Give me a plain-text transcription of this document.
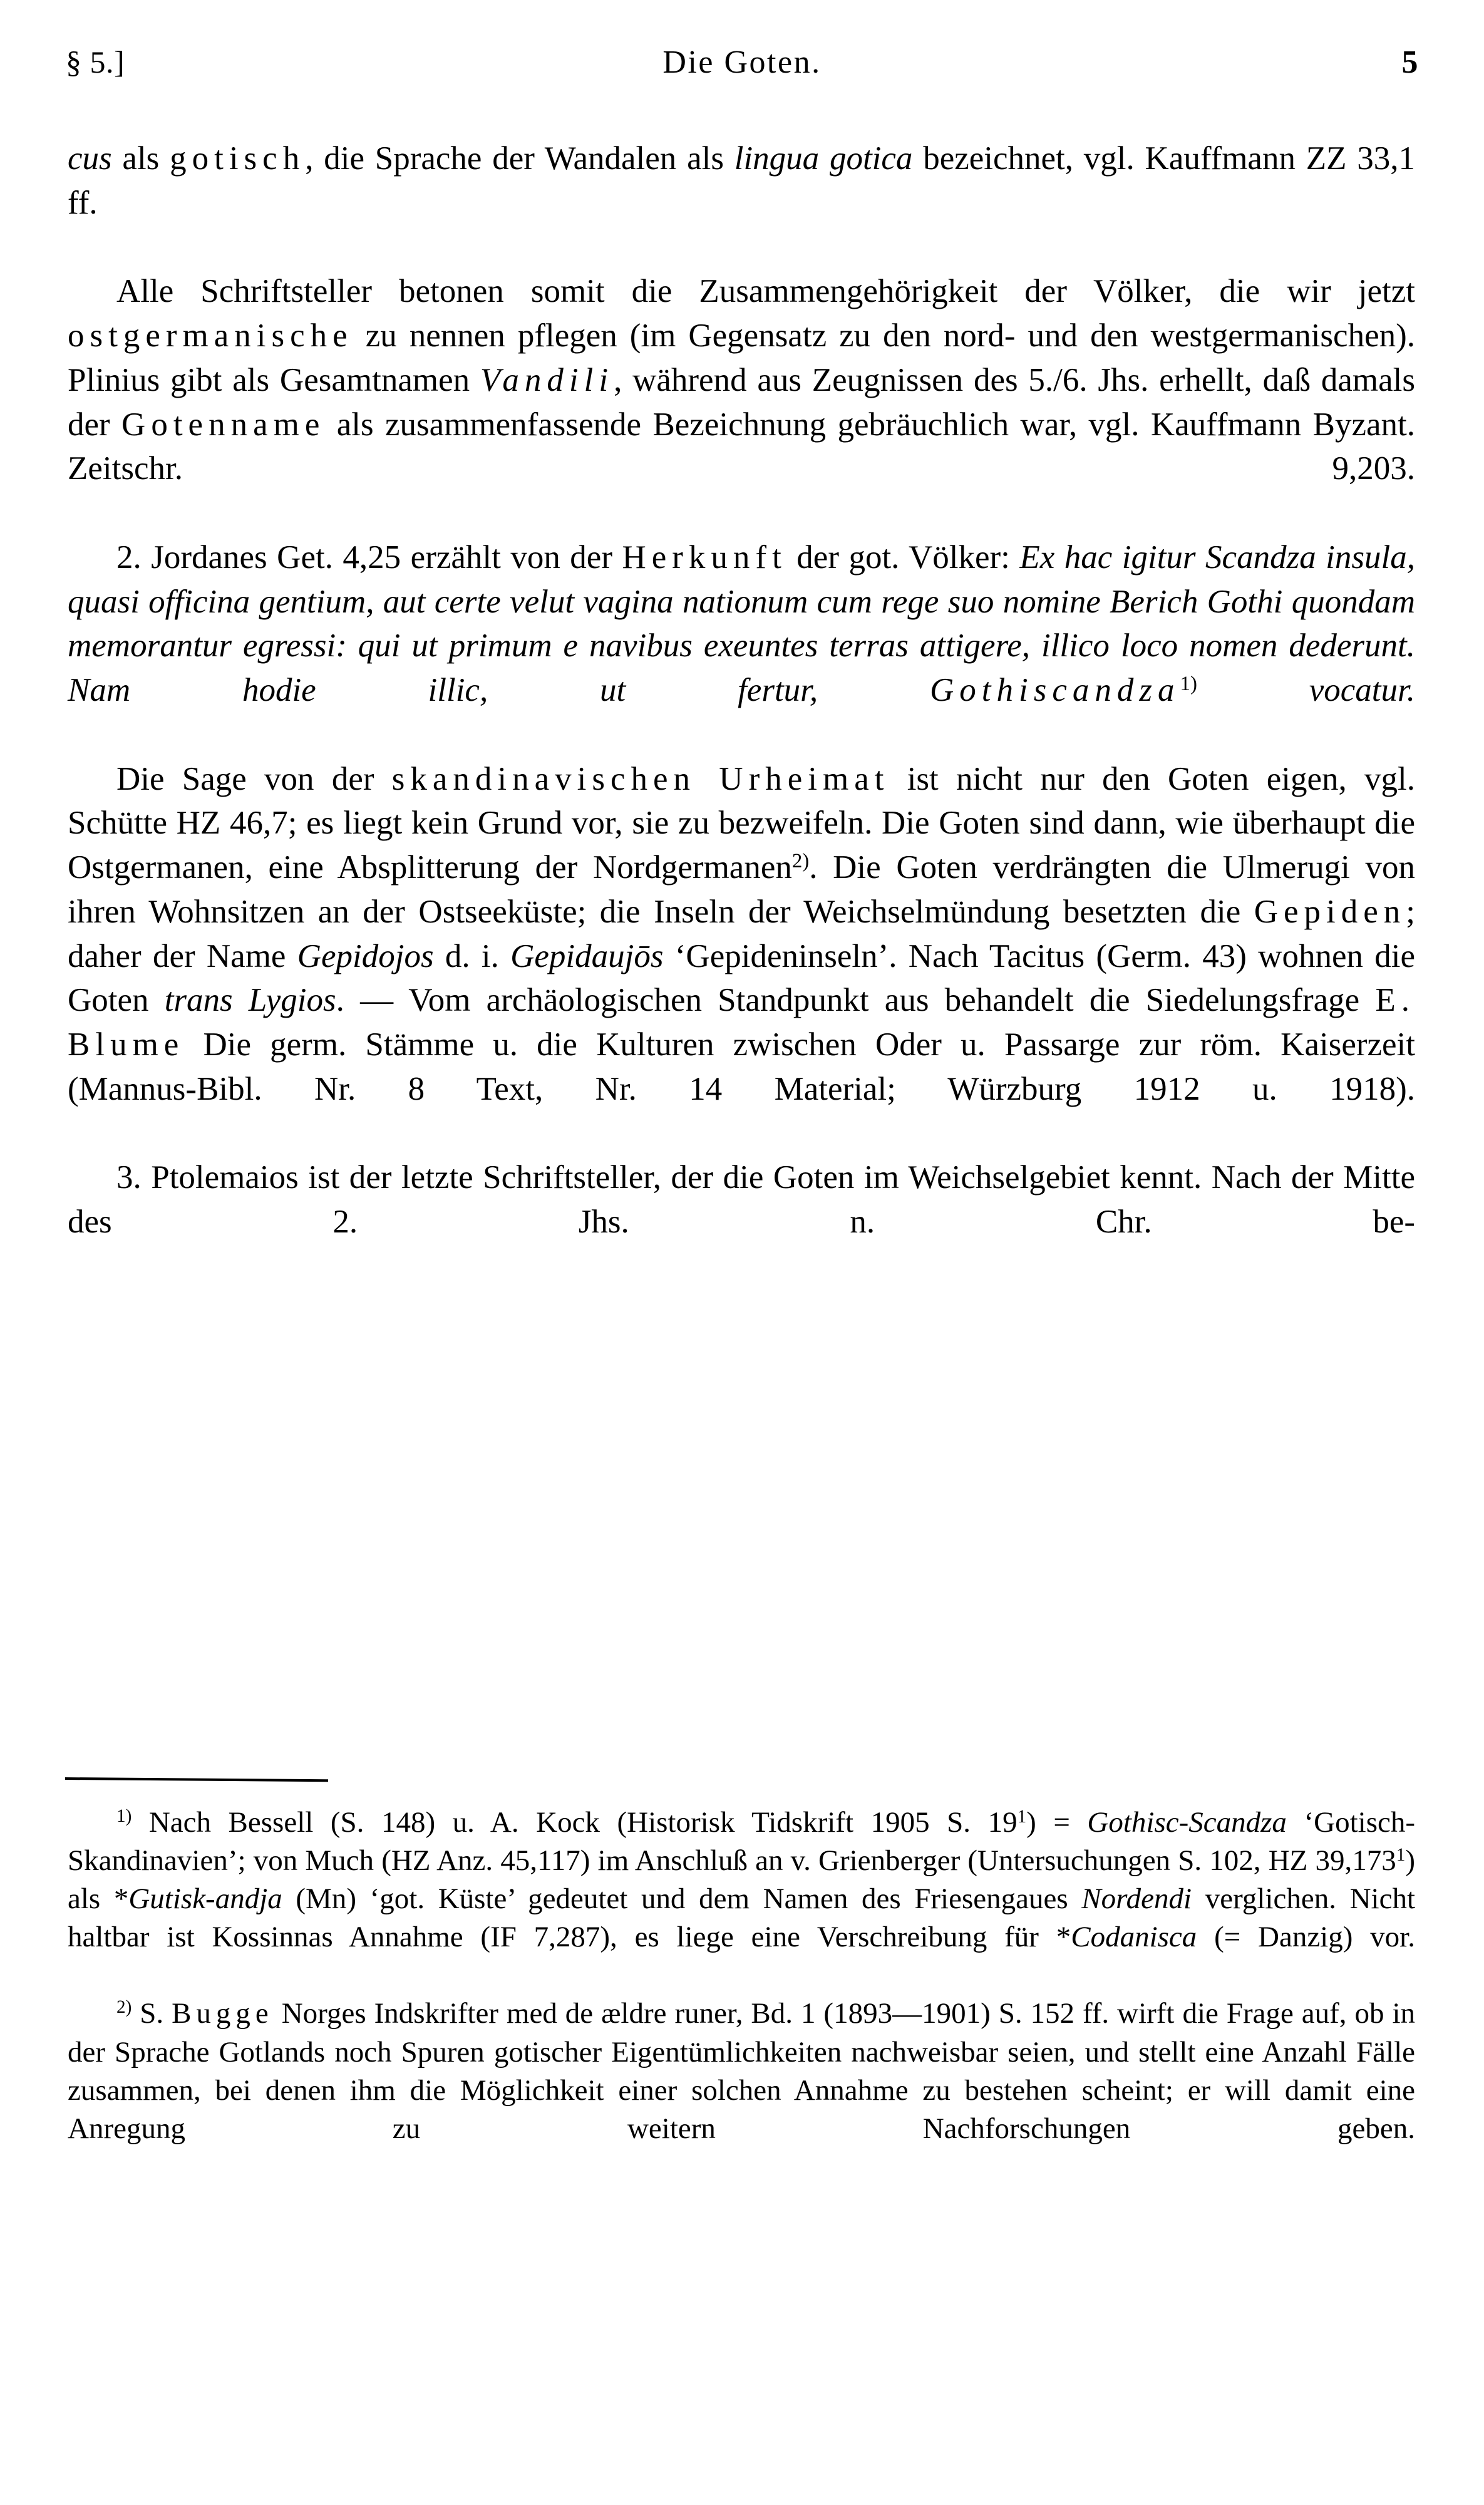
§ 5.]	Die Goten.	5

cus als gotisch, die Sprache der Wandalen als lingua gotica bezeichnet, vgl. Kauffmann ZZ 33,1 ff.

Alle Schriftsteller betonen somit die Zusammengehörigkeit der Völker, die wir jetzt ostgermanische zu nennen pflegen (im Gegensatz zu den nord- und den westgermanischen). Plinius gibt als Gesamtnamen Vandili, während aus Zeugnissen des 5./6. Jhs. erhellt, daß damals der Gotenname als zusammenfassende Bezeichnung gebräuchlich war, vgl. Kauffmann Byzant. Zeitschr. 9,203.

2. Jordanes Get. 4,25 erzählt von der Herkunft der got. Völker: Ex hac igitur Scandza insula, quasi officina gentium, aut certe velut vagina nationum cum rege suo nomine Berich Gothi quondam memorantur egressi: qui ut primum e navibus exeuntes terras attigere, illico loco nomen dederunt. Nam hodie illic, ut fertur, Gothiscandza$^{1)}$ vocatur.

Die Sage von der skandinavischen Urheimat ist nicht nur den Goten eigen, vgl. Schütte HZ 46,7; es liegt kein Grund vor, sie zu bezweifeln. Die Goten sind dann, wie überhaupt die Ostgermanen, eine Absplitterung der Nordgermanen$^{2)}$. Die Goten verdrängten die Ulmerugi von ihren Wohnsitzen an der Ostseeküste; die Inseln der Weichselmündung besetzten die Gepiden; daher der Name Gepidojos d. i. Gepidaujōs ‘Gepideninseln’. Nach Tacitus (Germ. 43) wohnen die Goten trans Lygios. — Vom archäologischen Standpunkt aus behandelt die Siedelungsfrage E. Blume Die germ. Stämme u. die Kulturen zwischen Oder u. Passarge zur röm. Kaiserzeit (Mannus-Bibl. Nr. 8 Text, Nr. 14 Material; Würzburg 1912 u. 1918).

3. Ptolemaios ist der letzte Schriftsteller, der die Goten im Weichselgebiet kennt. Nach der Mitte des 2. Jhs. n. Chr. be-

$^{1)}$ Nach Bessell (S. 148) u. A. Kock (Historisk Tidskrift 1905 S. 19$^1$) = Gothisc-Scandza ‘Gotisch-Skandinavien’; von Much (HZ Anz. 45,117) im Anschluß an v. Grienberger (Untersuchungen S. 102, HZ 39,173$^1$) als *Gutisk-andja (Mn) ‘got. Küste’ gedeutet und dem Namen des Friesengaues Nordendi verglichen. Nicht haltbar ist Kossinnas Annahme (IF 7,287), es liege eine Verschreibung für *Codanisca (= Danzig) vor.

$^{2)}$ S. Bugge Norges Indskrifter med de ældre runer, Bd. 1 (1893—1901) S. 152 ff. wirft die Frage auf, ob in der Sprache Gotlands noch Spuren gotischer Eigentümlichkeiten nachweisbar seien, und stellt eine Anzahl Fälle zusammen, bei denen ihm die Möglichkeit einer solchen Annahme zu bestehen scheint; er will damit eine Anregung zu weitern Nachforschungen geben.
